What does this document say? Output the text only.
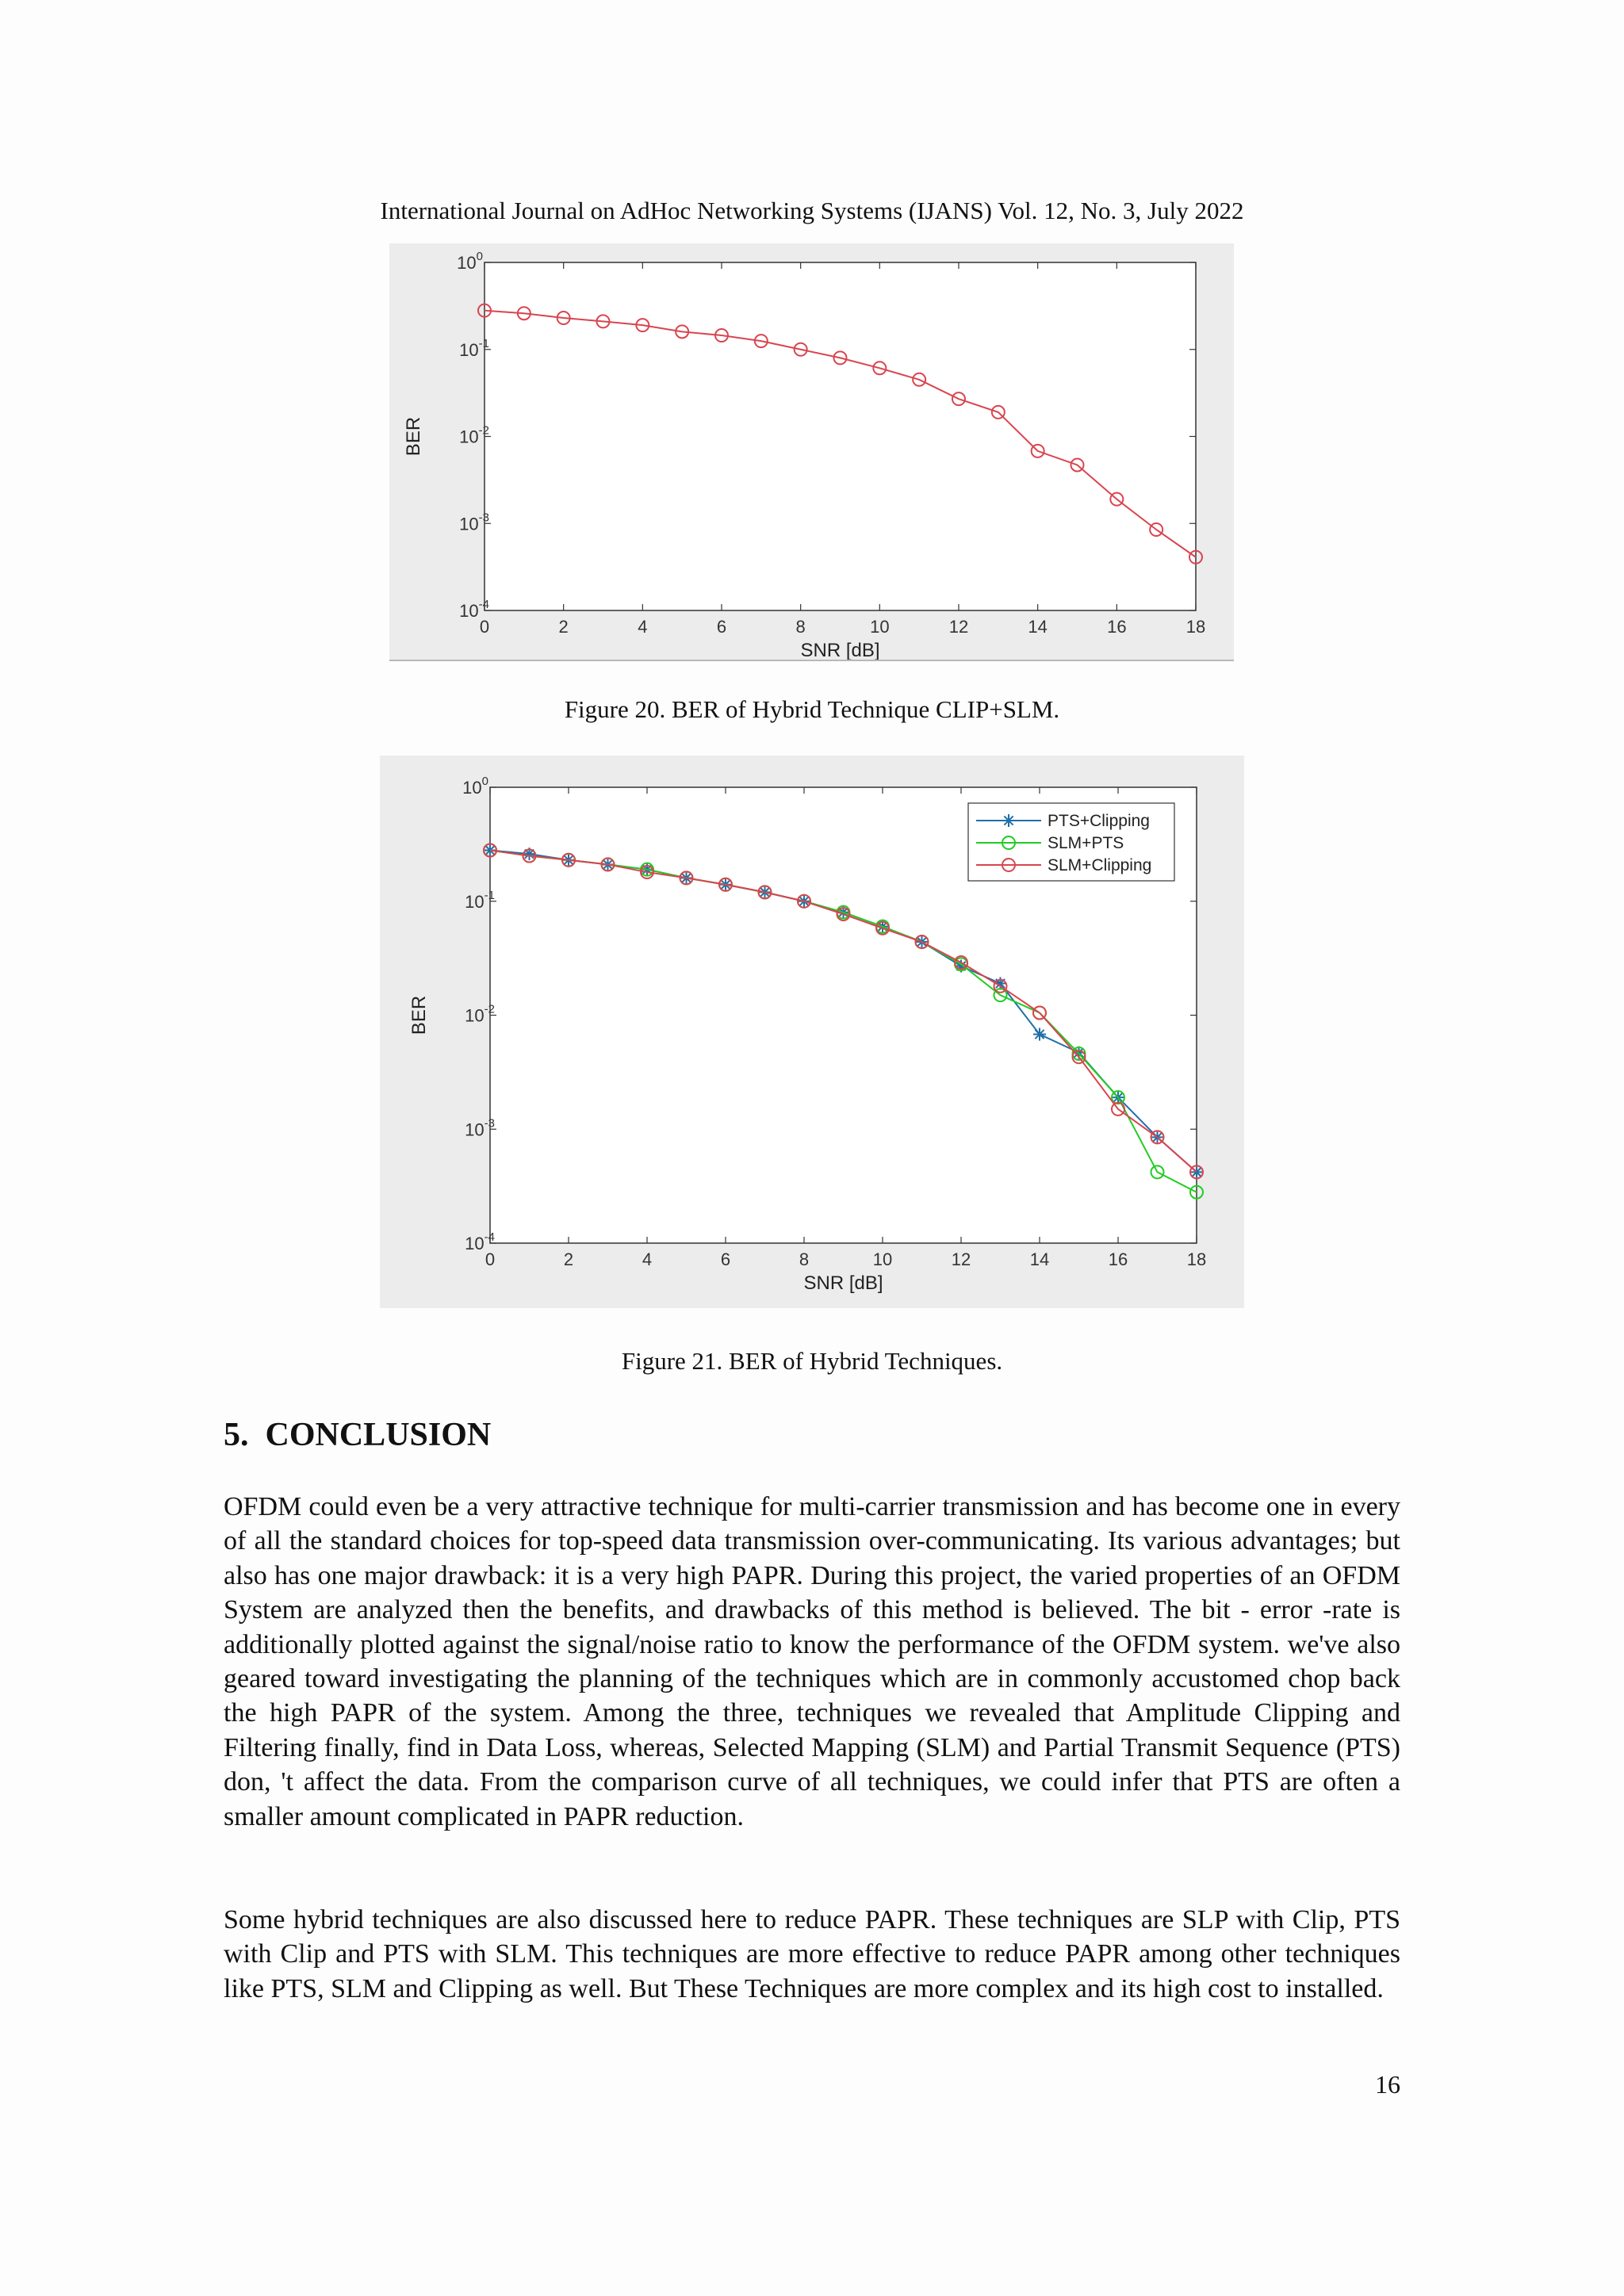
International Journal on AdHoc Networking Systems (IJANS) Vol. 12, No. 3, July 2022
0	2	4	6	8	10	12	14	16	18
$10^0$
$10^{-1}$
$10^{-2}$
$10^{-3}$
$10^{-4}$
SNR [dB]
BER
Figure 20. BER of Hybrid Technique CLIP+SLM.
0	2	4	6	8	10	12	14	16	18
$10^0$
$10^{-1}$
$10^{-2}$
$10^{-3}$
$10^{-4}$
SNR [dB]
BER
PTS+Clipping
SLM+PTS
SLM+Clipping
Figure 21. BER of Hybrid Techniques.
5. CONCLUSION

OFDM could even be a very attractive technique for multi-carrier transmission and has become one in every of all the standard choices for top-speed data transmission over-communicating. Its various advantages; but also has one major drawback: it is a very high PAPR. During this project, the varied properties of an OFDM System are analyzed then the benefits, and drawbacks of this method is believed. The bit - error -rate is additionally plotted against the signal/noise ratio to know the performance of the OFDM system. we've also geared toward investigating the planning of the techniques which are in commonly accustomed chop back the high PAPR of the system. Among the three, techniques we revealed that Amplitude Clipping and Filtering finally, find in Data Loss, whereas, Selected Mapping (SLM) and Partial Transmit Sequence (PTS) don, 't affect the data. From the comparison curve of all techniques, we could infer that PTS are often a smaller amount complicated in PAPR reduction.

Some hybrid techniques are also discussed here to reduce PAPR. These techniques are SLP with Clip, PTS with Clip and PTS with SLM. This techniques are more effective to reduce PAPR among other techniques like PTS, SLM and Clipping as well. But These Techniques are more complex and its high cost to installed.

16
